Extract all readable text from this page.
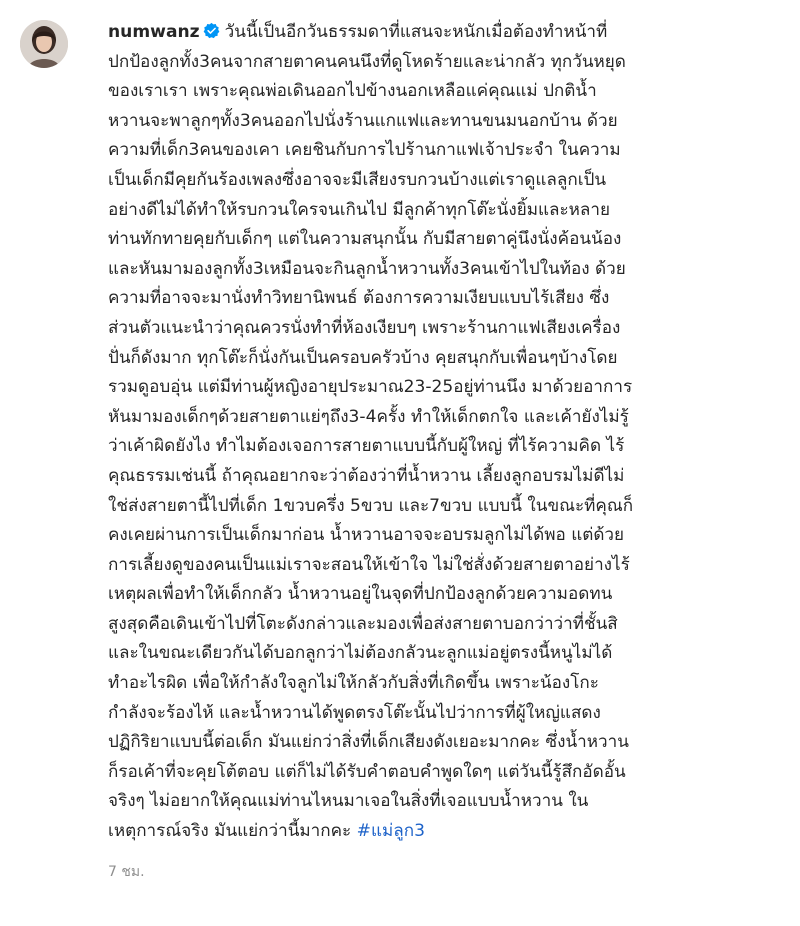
numwanz วันนี้เป็นอีกวันธรรมดาที่แสนจะหนักเมื่อต้องทำหน้าที่
ปกป้องลูกทั้ง3คนจากสายตาคนคนนึงที่ดูโหดร้ายและน่ากลัว ทุกวันหยุด
ของเราเรา เพราะคุณพ่อเดินออกไปข้างนอกเหลือแค่คุณแม่ ปกติน้ำ
หวานจะพาลูกๆทั้ง3คนออกไปนั่งร้านแกแฟและทานขนมนอกบ้าน ด้วย
ความที่เด็ก3คนของเคา เคยชินกับการไปร้านกาแฟเจ้าประจำ ในความ
เป็นเด็กมีคุยกันร้องเพลงซึ่งอาจจะมีเสียงรบกวนบ้างแต่เราดูแลลูกเป็น
อย่างดีไม่ได้ทำให้รบกวนใครจนเกินไป มีลูกค้าทุกโต๊ะนั่งยิ้มและหลาย
ท่านทักทายคุยกับเด็กๆ แต่ในความสนุกนั้น กับมีสายตาคู่นึงนั่งค้อนน้อง
และหันมามองลูกทั้ง3เหมือนจะกินลูกน้ำหวานทั้ง3คนเข้าไปในท้อง ด้วย
ความที่อาจจะมานั่งทำวิทยานิพนธ์ ต้องการความเงียบแบบไร้เสียง ซึ่ง
ส่วนตัวแนะนำว่าคุณควรนั่งทำที่ห้องเงียบๆ เพราะร้านกาแฟเสียงเครื่อง
ปั่นก็ดังมาก ทุกโต๊ะก็นั่งกันเป็นครอบครัวบ้าง คุยสนุกกับเพื่อนๆบ้างโดย
รวมดูอบอุ่น แต่มีท่านผู้หญิงอายุประมาณ23-25อยู่ท่านนึง มาด้วยอาการ
หันมามองเด็กๆด้วยสายตาแย่ๆถึง3-4ครั้ง ทำให้เด็กตกใจ และเค้ายังไม่รู้
ว่าเค้าผิดยังไง ทำไมต้องเจอการสายตาแบบนี้กับผู้ใหญ่ ที่ไร้ความคิด ไร้
คุณธรรมเช่นนี้ ถ้าคุณอยากจะว่าต้องว่าที่น้ำหวาน เลี้ยงลูกอบรมไม่ดีไม่
ใช่ส่งสายตานี้ไปที่เด็ก 1ขวบครึ่ง 5ขวบ และ7ขวบ แบบนี้ ในขณะที่คุณก็
คงเคยผ่านการเป็นเด็กมาก่อน น้ำหวานอาจจะอบรมลูกไม่ได้พอ แต่ด้วย
การเลี้ยงดูของคนเป็นแม่เราจะสอนให้เข้าใจ ไม่ใช่สั่งด้วยสายตาอย่างไร้
เหตุผลเพื่อทำให้เด็กกลัว น้ำหวานอยู่ในจุดที่ปกป้องลูกด้วยความอดทน
สูงสุดคือเดินเข้าไปที่โตะดังกล่าวและมองเพื่อส่งสายตาบอกว่าว่าที่ชั้นสิ
และในขณะเดียวกันได้บอกลูกว่าไม่ต้องกลัวนะลูกแม่อยู่ตรงนี้หนูไม่ได้
ทำอะไรผิด เพื่อให้กำลังใจลูกไม่ให้กลัวกับสิ่งที่เกิดขึ้น เพราะน้องโกะ
กำลังจะร้องไห้ และน้ำหวานได้พูดตรงโต๊ะนั้นไปว่าการที่ผู้ใหญ่แสดง
ปฏิกิริยาแบบนี้ต่อเด็ก มันแย่กว่าสิ่งที่เด็กเสียงดังเยอะมากคะ ซึ่งน้ำหวาน
ก็รอเค้าที่จะคุยโต้ตอบ แต่ก็ไม่ได้รับคำตอบคำพูดใดๆ แต่วันนี้รู้สึกอัดอั้น
จริงๆ ไม่อยากให้คุณแม่ท่านไหนมาเจอในสิ่งที่เจอแบบน้ำหวาน ใน
เหตุการณ์จริง มันแย่กว่านี้มากคะ #แม่ลูก3
7 ชม.
